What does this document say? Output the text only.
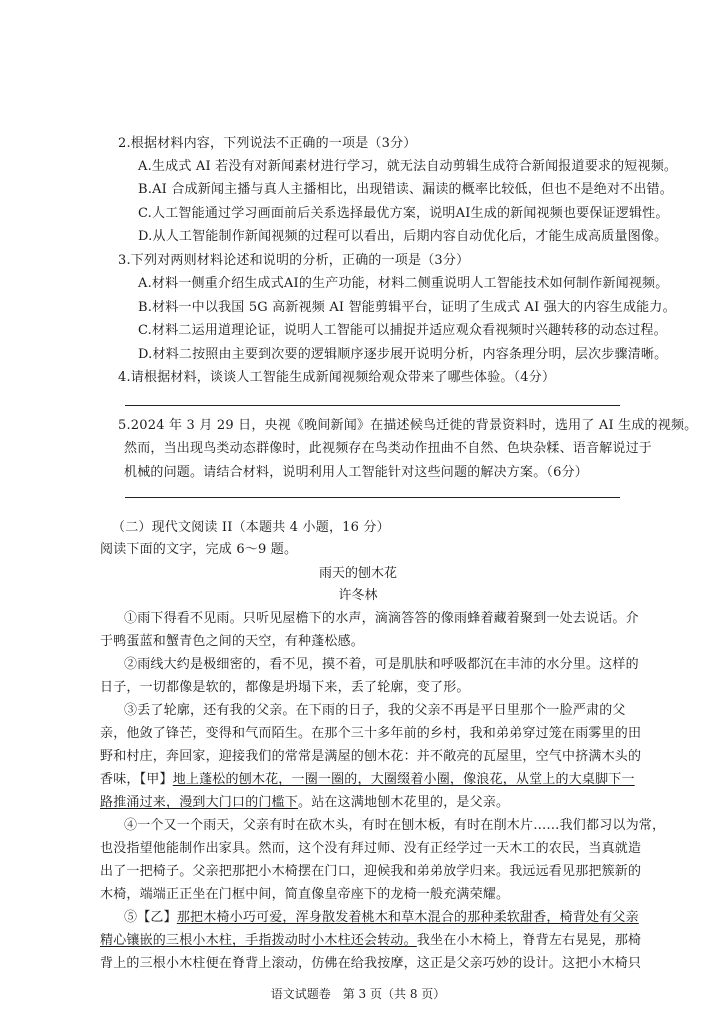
2.根据材料内容，下列说法不正确的一项是（3分）
A.生成式 AI 若没有对新闻素材进行学习，就无法自动剪辑生成符合新闻报道要求的短视频。
B.AI 合成新闻主播与真人主播相比，出现错读、漏读的概率比较低，但也不是绝对不出错。
C.人工智能通过学习画面前后关系选择最优方案，说明AI生成的新闻视频也要保证逻辑性。
D.从人工智能制作新闻视频的过程可以看出，后期内容自动优化后，才能生成高质量图像。
3.下列对两则材料论述和说明的分析，正确的一项是（3分）
A.材料一侧重介绍生成式AI的生产功能，材料二侧重说明人工智能技术如何制作新闻视频。
B.材料一中以我国 5G 高新视频 AI 智能剪辑平台，证明了生成式 AI 强大的内容生成能力。
C.材料二运用道理论证，说明人工智能可以捕捉并适应观众看视频时兴趣转移的动态过程。
D.材料二按照由主要到次要的逻辑顺序逐步展开说明分析，内容条理分明，层次步骤清晰。
4.请根据材料，谈谈人工智能生成新闻视频给观众带来了哪些体验。（4分）
5.2024 年 3 月 29 日，央视《晚间新闻》在描述候鸟迁徙的背景资料时，选用了 AI 生成的视频。
然而，当出现鸟类动态群像时，此视频存在鸟类动作扭曲不自然、色块杂糅、语音解说过于
机械的问题。请结合材料，说明利用人工智能针对这些问题的解决方案。（6分）
（二）现代文阅读 II（本题共 4 小题，16 分）
阅读下面的文字，完成 6～9 题。
雨天的刨木花
许冬林
①雨下得看不见雨。只听见屋檐下的水声，滴滴答答的像雨蜂着藏着聚到一处去说话。介
于鸭蛋蓝和蟹青色之间的天空，有种蓬松感。
②雨线大约是极细密的，看不见，摸不着，可是肌肤和呼吸都沉在丰沛的水分里。这样的
日子，一切都像是软的，都像是坍塌下来，丢了轮廓，变了形。
③丢了轮廓，还有我的父亲。在下雨的日子，我的父亲不再是平日里那个一脸严肃的父
亲，他敛了锋芒，变得和气而陌生。在那个三十多年前的乡村，我和弟弟穿过笼在雨雾里的田
野和村庄，奔回家，迎接我们的常常是满屋的刨木花：并不敞亮的瓦屋里，空气中挤满木头的
香味，【甲】地上蓬松的刨木花，一圈一圈的，大圈缀着小圈，像浪花，从堂上的大桌脚下一
路推涌过来，漫到大门口的门槛下。站在这满地刨木花里的，是父亲。
④一个又一个雨天，父亲有时在砍木头，有时在刨木板，有时在削木片……我们都习以为常，
也没指望他能制作出家具。然而，这个没有拜过师、没有正经学过一天木工的农民，当真就造
出了一把椅子。父亲把那把小木椅摆在门口，迎候我和弟弟放学归来。我远远看见那把簇新的
木椅，端端正正坐在门框中间，简直像皇帝座下的龙椅一般充满荣耀。
⑤【乙】那把木椅小巧可爱，浑身散发着桃木和草木混合的那种柔软甜香，椅背处有父亲
语文试题卷　第 3 页（共 8 页）
精心镶嵌的三根小木柱，手指拨动时小木柱还会转动。我坐在小木椅上，脊背左右晃晃，那椅
背上的三根小木柱便在脊背上滚动，仿佛在给我按摩，这正是父亲巧妙的设计。这把小木椅只
